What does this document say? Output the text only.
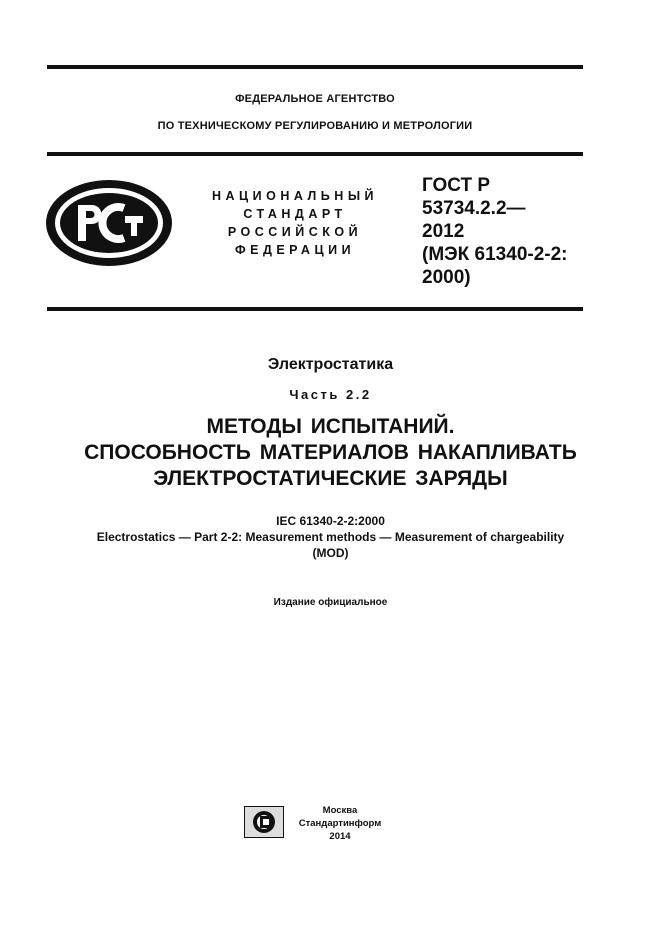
ФЕДЕРАЛЬНОЕ АГЕНТСТВО
ПО ТЕХНИЧЕСКОМУ РЕГУЛИРОВАНИЮ И МЕТРОЛОГИИ
НАЦИОНАЛЬНЫЙ
СТАНДАРТ
РОССИЙСКОЙ
ФЕДЕРАЦИИ
ГОСТ Р
53734.2.2—
2012
(МЭК 61340-2-2:
2000)
Электростатика
Часть 2.2
МЕТОДЫ ИСПЫТАНИЙ.
СПОСОБНОСТЬ МАТЕРИАЛОВ НАКАПЛИВАТЬ
ЭЛЕКТРОСТАТИЧЕСКИЕ ЗАРЯДЫ
IEC 61340-2-2:2000
Electrostatics — Part 2-2: Measurement methods — Measurement of chargeability
(MOD)
Издание официальное
Москва
Стандартинформ
2014
